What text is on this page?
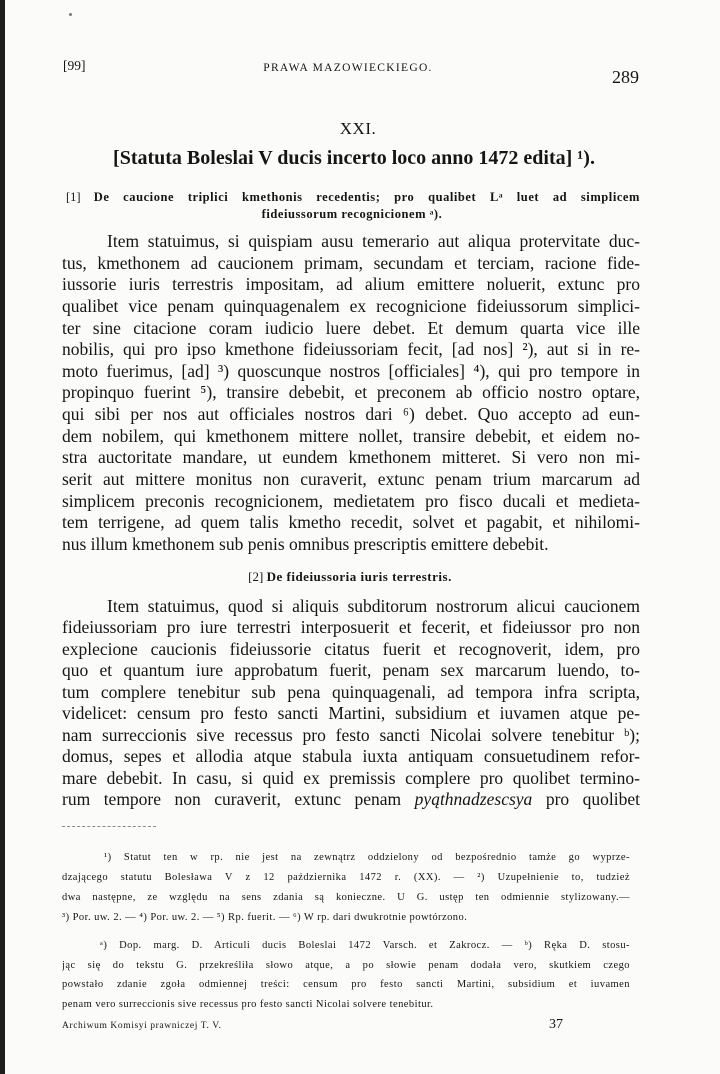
[99]	PRAWA MAZOWIECKIEGO.	289
XXI.
[Statuta Boleslai V ducis incerto loco anno 1472 edita] ¹).
[1] De caucione triplici kmethonis recedentis; pro qualibet Lᵃ luet ad simplicem
fideiussorum recognicionem ᵃ).
Item statuimus, si quispiam ausu temerario aut aliqua protervitate duc-
tus, kmethonem ad caucionem primam, secundam et terciam, racione fide-
iussorie iuris terrestris impositam, ad alium emittere noluerit, extunc pro
qualibet vice penam quinquagenalem ex recognicione fideiussorum simplici-
ter sine citacione coram iudicio luere debet. Et demum quarta vice ille
nobilis, qui pro ipso kmethone fideiussoriam fecit, [ad nos] ²), aut si in re-
moto fuerimus, [ad] ³) quoscunque nostros [officiales] ⁴), qui pro tempore in
propinquo fuerint ⁵), transire debebit, et preconem ab officio nostro optare,
qui sibi per nos aut officiales nostros dari ⁶) debet. Quo accepto ad eun-
dem nobilem, qui kmethonem mittere nollet, transire debebit, et eidem no-
stra auctoritate mandare, ut eundem kmethonem mitteret. Si vero non mi-
serit aut mittere monitus non curaverit, extunc penam trium marcarum ad
simplicem preconis recognicionem, medietatem pro fisco ducali et medieta-
tem terrigene, ad quem talis kmetho recedit, solvet et pagabit, et nihilomi-
nus illum kmethonem sub penis omnibus prescriptis emittere debebit.
[2] De fideiussoria iuris terrestris.
Item statuimus, quod si aliquis subditorum nostrorum alicui caucionem
fideiussoriam pro iure terrestri interposuerit et fecerit, et fideiussor pro non
explecione caucionis fideiussorie citatus fuerit et recognoverit, idem, pro
quo et quantum iure approbatum fuerit, penam sex marcarum luendo, to-
tum complere tenebitur sub pena quinquagenali, ad tempora infra scripta,
videlicet: censum pro festo sancti Martini, subsidium et iuvamen atque pe-
nam surreccionis sive recessus pro festo sancti Nicolai solvere tenebitur ᵇ);
domus, sepes et allodia atque stabula iuxta antiquam consuetudinem refor-
mare debebit. In casu, si quid ex premissis complere pro quolibet termino-
rum tempore non curaverit, extunc penam pyąthnadzescsya pro quolibet
¹) Statut ten w rp. nie jest na zewnątrz oddzielony od bezpośrednio tamże go wyprze-
dzającego statutu Bolesława V z 12 października 1472 r. (XX). — ²) Uzupełnienie to, tudzież
dwa następne, ze względu na sens zdania są konieczne. U G. ustęp ten odmiennie stylizowany.—
³) Por. uw. 2. — ⁴) Por. uw. 2. — ⁵) Rp. fuerit. — ⁶) W rp. dari dwukrotnie powtórzono.
ᵃ) Dop. marg. D. Articuli ducis Boleslai 1472 Varsch. et Zakrocz. — ᵇ) Ręka D. stosu-
jąc się do tekstu G. przekreśliła słowo atque, a po słowie penam dodała vero, skutkiem czego
powstało zdanie zgoła odmiennej treści: censum pro festo sancti Martini, subsidium et iuvamen
penam vero surreccionis sive recessus pro festo sancti Nicolai solvere tenebitur.
Archiwum Komisyi prawniczej T. V.	37
